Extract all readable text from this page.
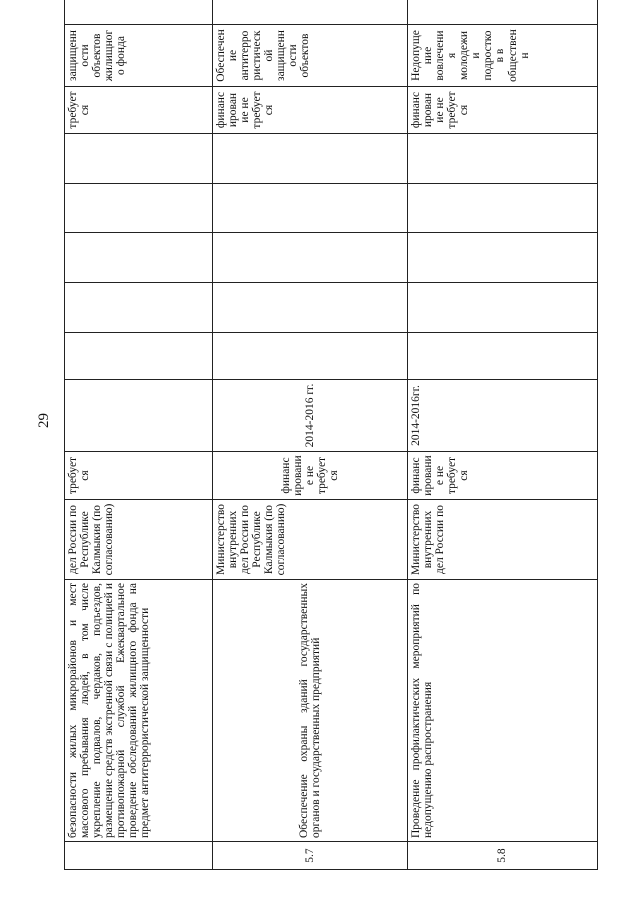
29
	безопасности жилых микрорайонов и мест массового пребывания людей, в том числе укрепление подвалов, чердаков, подъездов, размещение средств экстренной связи с полицией и противопожарной службой Ежеквартальное проведение обследований жилищного фонда на предмет антитеррористической защищенности	дел России по Республике Калмыкия (по согласованию)	требуется							требуется	защищенности объектов жилищного фонда	
5.7	Обеспечение охраны зданий государственных органов и государственных предприятий	Министерство внутренних дел России по Республике Калмыкия (по согласованию)	финансирование не требуется	2014-2016 гг.						финансирование не требуется	Обеспечение антитеррористической защищенности объектов	
5.8	Проведение профилактических мероприятий по недопущению распространения	Министерство внутренних дел России по	финансирование не требуется	2014-2016гг.						финансирование не требуется	Недопущение вовлечения молодежи и подростков в общественн	
